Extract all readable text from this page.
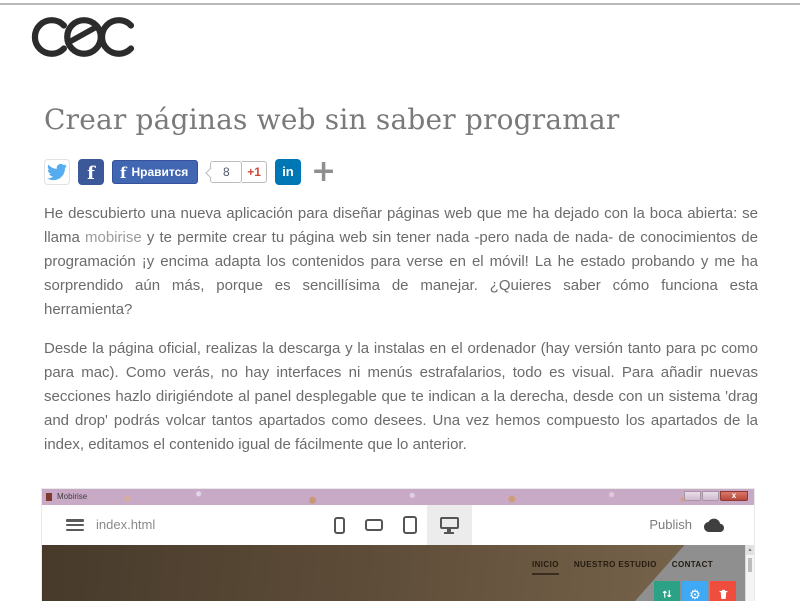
Crear páginas web sin saber programar
f f Нравится	8 +1 in +

He descubierto una nueva aplicación para diseñar páginas web que me ha dejado con la boca abierta: se llama mobirise y te permite crear tu página web sin tener nada -pero nada de nada- de conocimientos de programación ¡y encima adapta los contenidos para verse en el móvil! La he estado probando y me ha sorprendido aún más, porque es sencillísima de manejar. ¿Quieres saber cómo funciona esta herramienta?

Desde la página oficial, realizas la descarga y la instalas en el ordenador (hay versión tanto para pc como para mac). Como verás, no hay interfaces ni menús estrafalarios, todo es visual. Para añadir nuevas secciones hazlo dirigiéndote al panel desplegable que te indican a la derecha, desde con un sistema 'drag and drop' podrás volcar tantos apartados como desees. Una vez hemos compuesto los apartados de la index, editamos el contenido igual de fácilmente que lo anterior.

Mobirise	x
index.html	Publish
INICIO NUESTRO ESTUDIO CONTACT
⚙
▲
